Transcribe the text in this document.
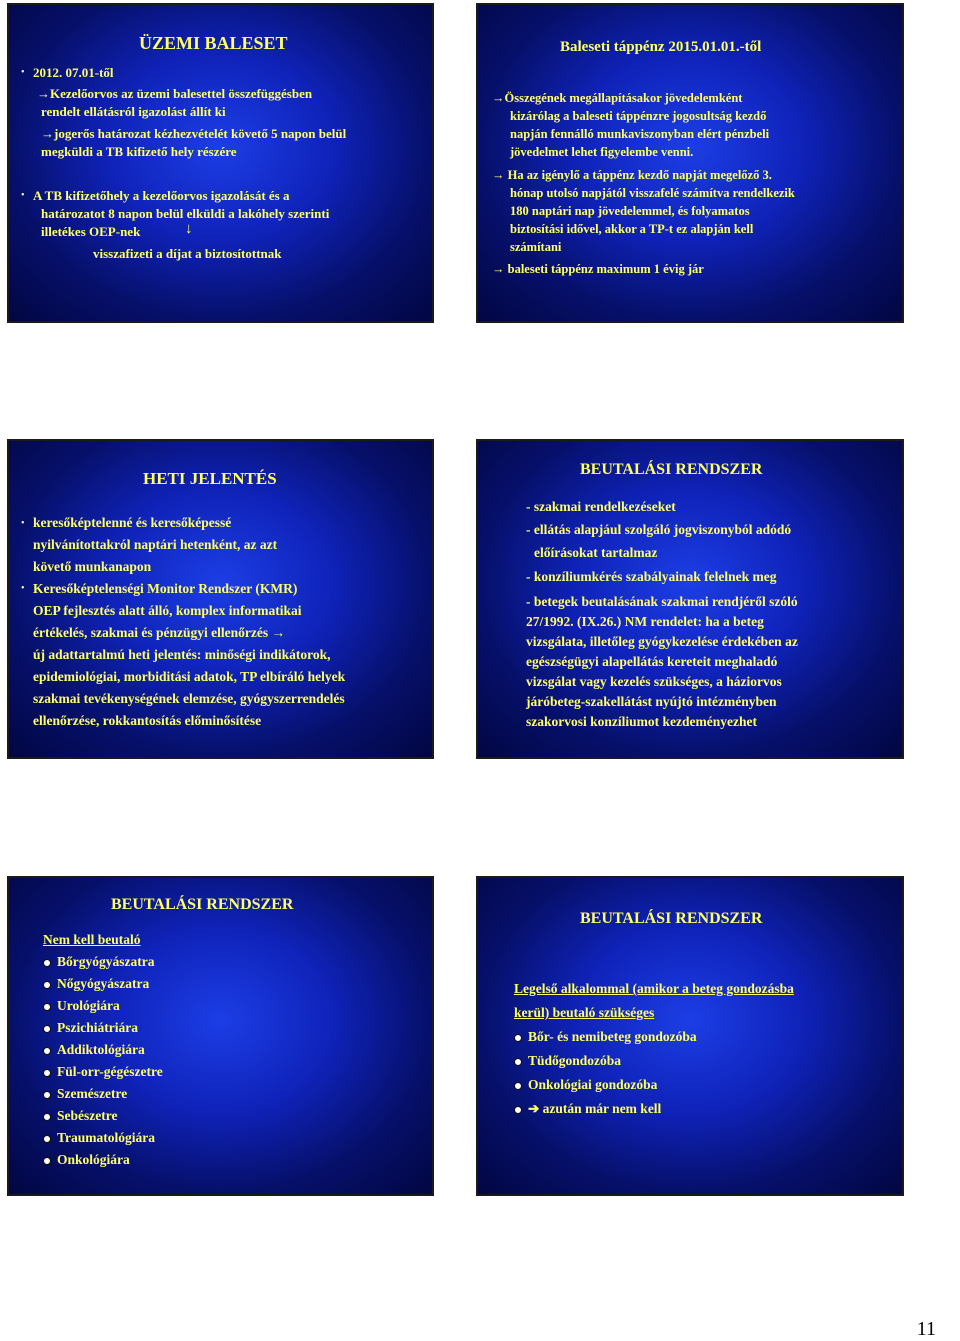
ÜZEMI BALESET
• 2012. 07.01-től
→Kezelőorvos az üzemi balesettel összefüggésben
rendelt ellátásról igazolást állít ki
→jogerős határozat kézhezvételét követő 5 napon belül
megküldi a TB kifizető hely részére
• A TB kifizetőhely a kezelőorvos igazolását és a
határozatot 8 napon belül elküldi a lakóhely szerinti
illetékes OEP-nek	↓
visszafizeti a díjat a biztosítottnak
Baleseti táppénz 2015.01.01.-től
→Összegének megállapításakor jövedelemként
kizárólag a baleseti táppénzre jogosultság kezdő
napján fennálló munkaviszonyban elért pénzbeli
jövedelmet lehet figyelembe venni.
→ Ha az igénylő a táppénz kezdő napját megelőző 3.
hónap utolsó napjától visszafelé számítva rendelkezik
180 naptári nap jövedelemmel, és folyamatos
biztosítási idővel, akkor a TP-t ez alapján kell
számítani
→ baleseti táppénz maximum 1 évig jár
HETI JELENTÉS
• keresőképtelenné és keresőképessé
nyilvánítottakról naptári hetenként, az azt
követő munkanapon
• Keresőképtelenségi Monitor Rendszer (KMR)
OEP fejlesztés alatt álló, komplex informatikai
értékelés, szakmai és pénzügyi ellenőrzés →
új adattartalmú heti jelentés: minőségi indikátorok,
epidemiológiai, morbiditási adatok, TP elbíráló helyek
szakmai tevékenységének elemzése, gyógyszerrendelés
ellenőrzése, rokkantosítás előminősítése
BEUTALÁSI RENDSZER
- szakmai rendelkezéseket
- ellátás alapjául szolgáló jogviszonyból adódó
előírásokat tartalmaz
- konzíliumkérés szabályainak felelnek meg
- betegek beutalásának szakmai rendjéről szóló
27/1992. (IX.26.) NM rendelet: ha a beteg
vizsgálata, illetőleg gyógykezelése érdekében az
egészségügyi alapellátás kereteit meghaladó
vizsgálat vagy kezelés szükséges, a háziorvos
járóbeteg-szakellátást nyújtó intézményben
szakorvosi konzíliumot kezdeményezhet
BEUTALÁSI RENDSZER
Nem kell beutaló
Bőrgyógyászatra
Nőgyógyászatra
Urológiára
Pszichiátriára
Addiktológiára
Fül-orr-gégészetre
Szemészetre
Sebészetre
Traumatológiára
Onkológiára
BEUTALÁSI RENDSZER
Legelső alkalommal (amikor a beteg gondozásba
kerül) beutaló szükséges
Bőr- és nemibeteg gondozóba
Tüdőgondozóba
Onkológiai gondozóba
➔ azután már nem kell
11
